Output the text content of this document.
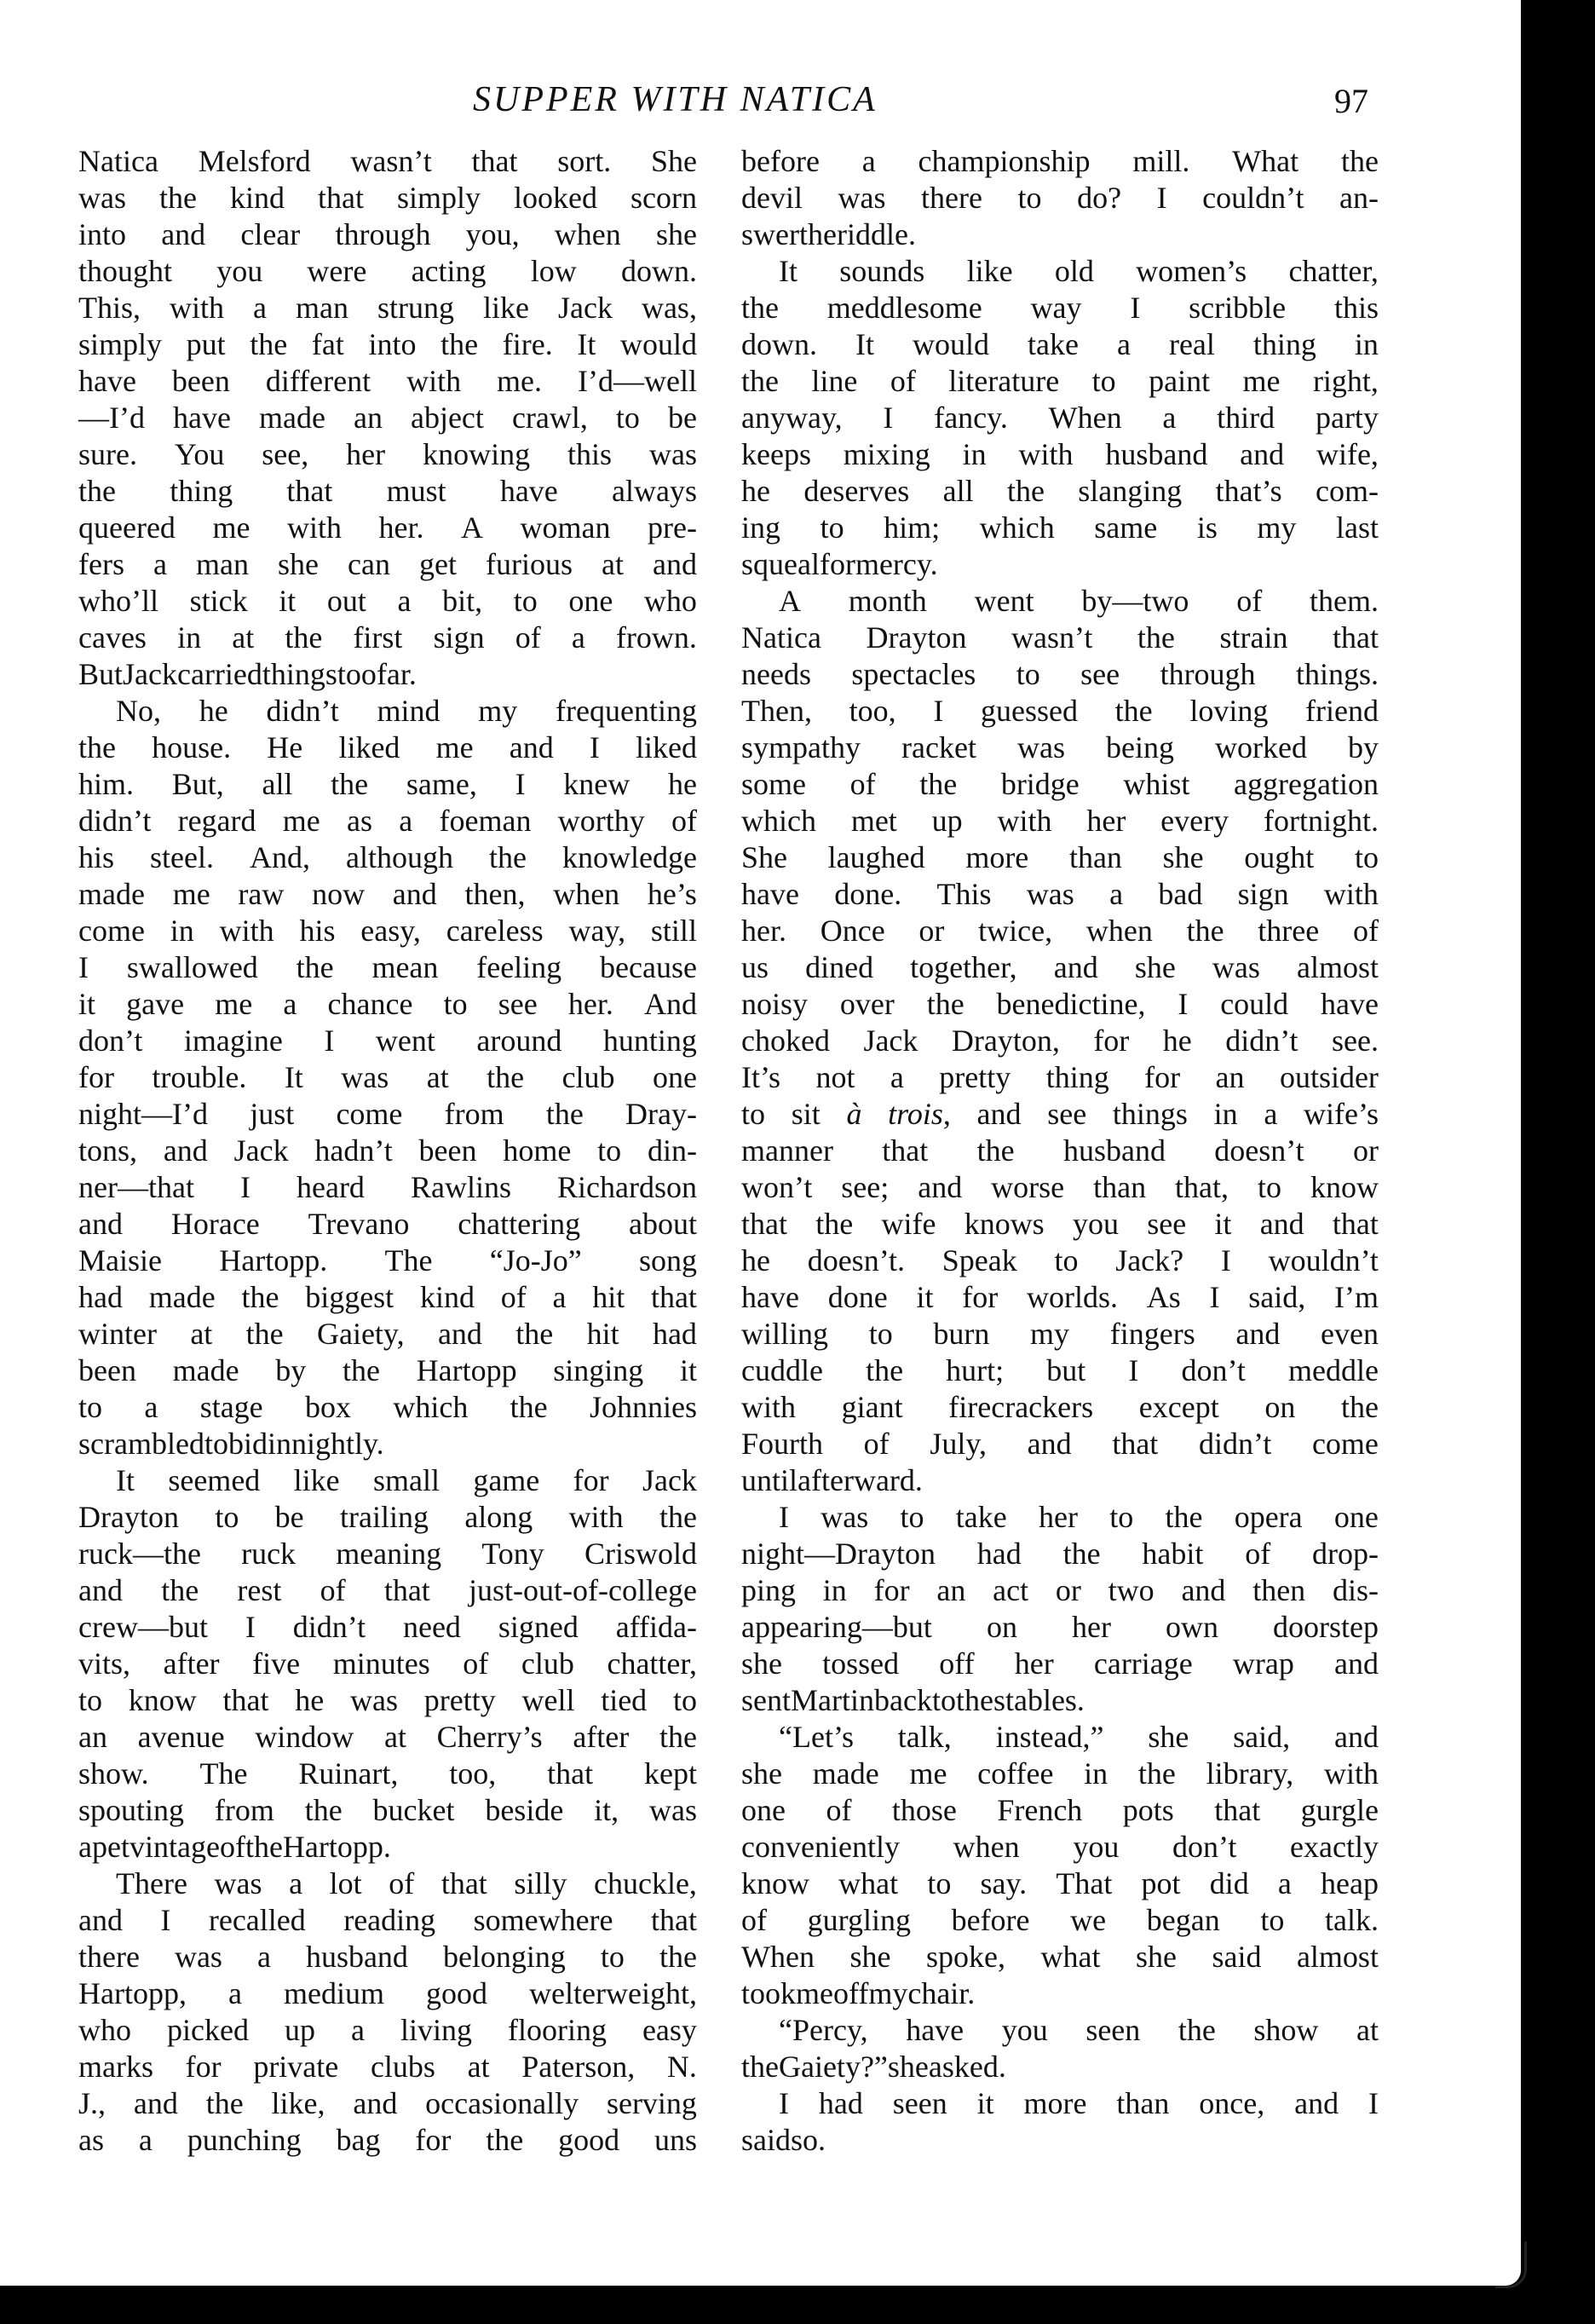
SUPPER WITH NATICA	97
Natica Melsford wasn’t that sort. She
was the kind that simply looked scorn
into and clear through you, when she
thought you were acting low down.
This, with a man strung like Jack was,
simply put the fat into the fire. It would
have been different with me. I’d—well
—I’d have made an abject crawl, to be
sure. You see, her knowing this was
the thing that must have always
queered me with her. A woman pre-
fers a man she can get furious at and
who’ll stick it out a bit, to one who
caves in at the first sign of a frown.
But Jack carried things too far.
No, he didn’t mind my frequenting
the house. He liked me and I liked
him. But, all the same, I knew he
didn’t regard me as a foeman worthy of
his steel. And, although the knowledge
made me raw now and then, when he’s
come in with his easy, careless way, still
I swallowed the mean feeling because
it gave me a chance to see her. And
don’t imagine I went around hunting
for trouble. It was at the club one
night—I’d just come from the Dray-
tons, and Jack hadn’t been home to din-
ner—that I heard Rawlins Richardson
and Horace Trevano chattering about
Maisie Hartopp. The “Jo-Jo” song
had made the biggest kind of a hit that
winter at the Gaiety, and the hit had
been made by the Hartopp singing it
to a stage box which the Johnnies
scrambled to bid in nightly.
It seemed like small game for Jack
Drayton to be trailing along with the
ruck—the ruck meaning Tony Criswold
and the rest of that just-out-of-college
crew—but I didn’t need signed affida-
vits, after five minutes of club chatter,
to know that he was pretty well tied to
an avenue window at Cherry’s after the
show. The Ruinart, too, that kept
spouting from the bucket beside it, was
a pet vintage of the Hartopp.
There was a lot of that silly chuckle,
and I recalled reading somewhere that
there was a husband belonging to the
Hartopp, a medium good welterweight,
who picked up a living flooring easy
marks for private clubs at Paterson, N.
J., and the like, and occasionally serving
as a punching bag for the good uns
before a championship mill. What the
devil was there to do? I couldn’t an-
swer the riddle.
It sounds like old women’s chatter,
the meddlesome way I scribble this
down. It would take a real thing in
the line of literature to paint me right,
anyway, I fancy. When a third party
keeps mixing in with husband and wife,
he deserves all the slanging that’s com-
ing to him; which same is my last
squeal for mercy.
A month went by—two of them.
Natica Drayton wasn’t the strain that
needs spectacles to see through things.
Then, too, I guessed the loving friend
sympathy racket was being worked by
some of the bridge whist aggregation
which met up with her every fortnight.
She laughed more than she ought to
have done. This was a bad sign with
her. Once or twice, when the three of
us dined together, and she was almost
noisy over the benedictine, I could have
choked Jack Drayton, for he didn’t see.
It’s not a pretty thing for an outsider
to sit à trois, and see things in a wife’s
manner that the husband doesn’t or
won’t see; and worse than that, to know
that the wife knows you see it and that
he doesn’t. Speak to Jack? I wouldn’t
have done it for worlds. As I said, I’m
willing to burn my fingers and even
cuddle the hurt; but I don’t meddle
with giant firecrackers except on the
Fourth of July, and that didn’t come
until afterward.
I was to take her to the opera one
night—Drayton had the habit of drop-
ping in for an act or two and then dis-
appearing—but on her own doorstep
she tossed off her carriage wrap and
sent Martin back to the stables.
“Let’s talk, instead,” she said, and
she made me coffee in the library, with
one of those French pots that gurgle
conveniently when you don’t exactly
know what to say. That pot did a heap
of gurgling before we began to talk.
When she spoke, what she said almost
took me off my chair.
“Percy, have you seen the show at
the Gaiety?” she asked.
I had seen it more than once, and I
said so.
